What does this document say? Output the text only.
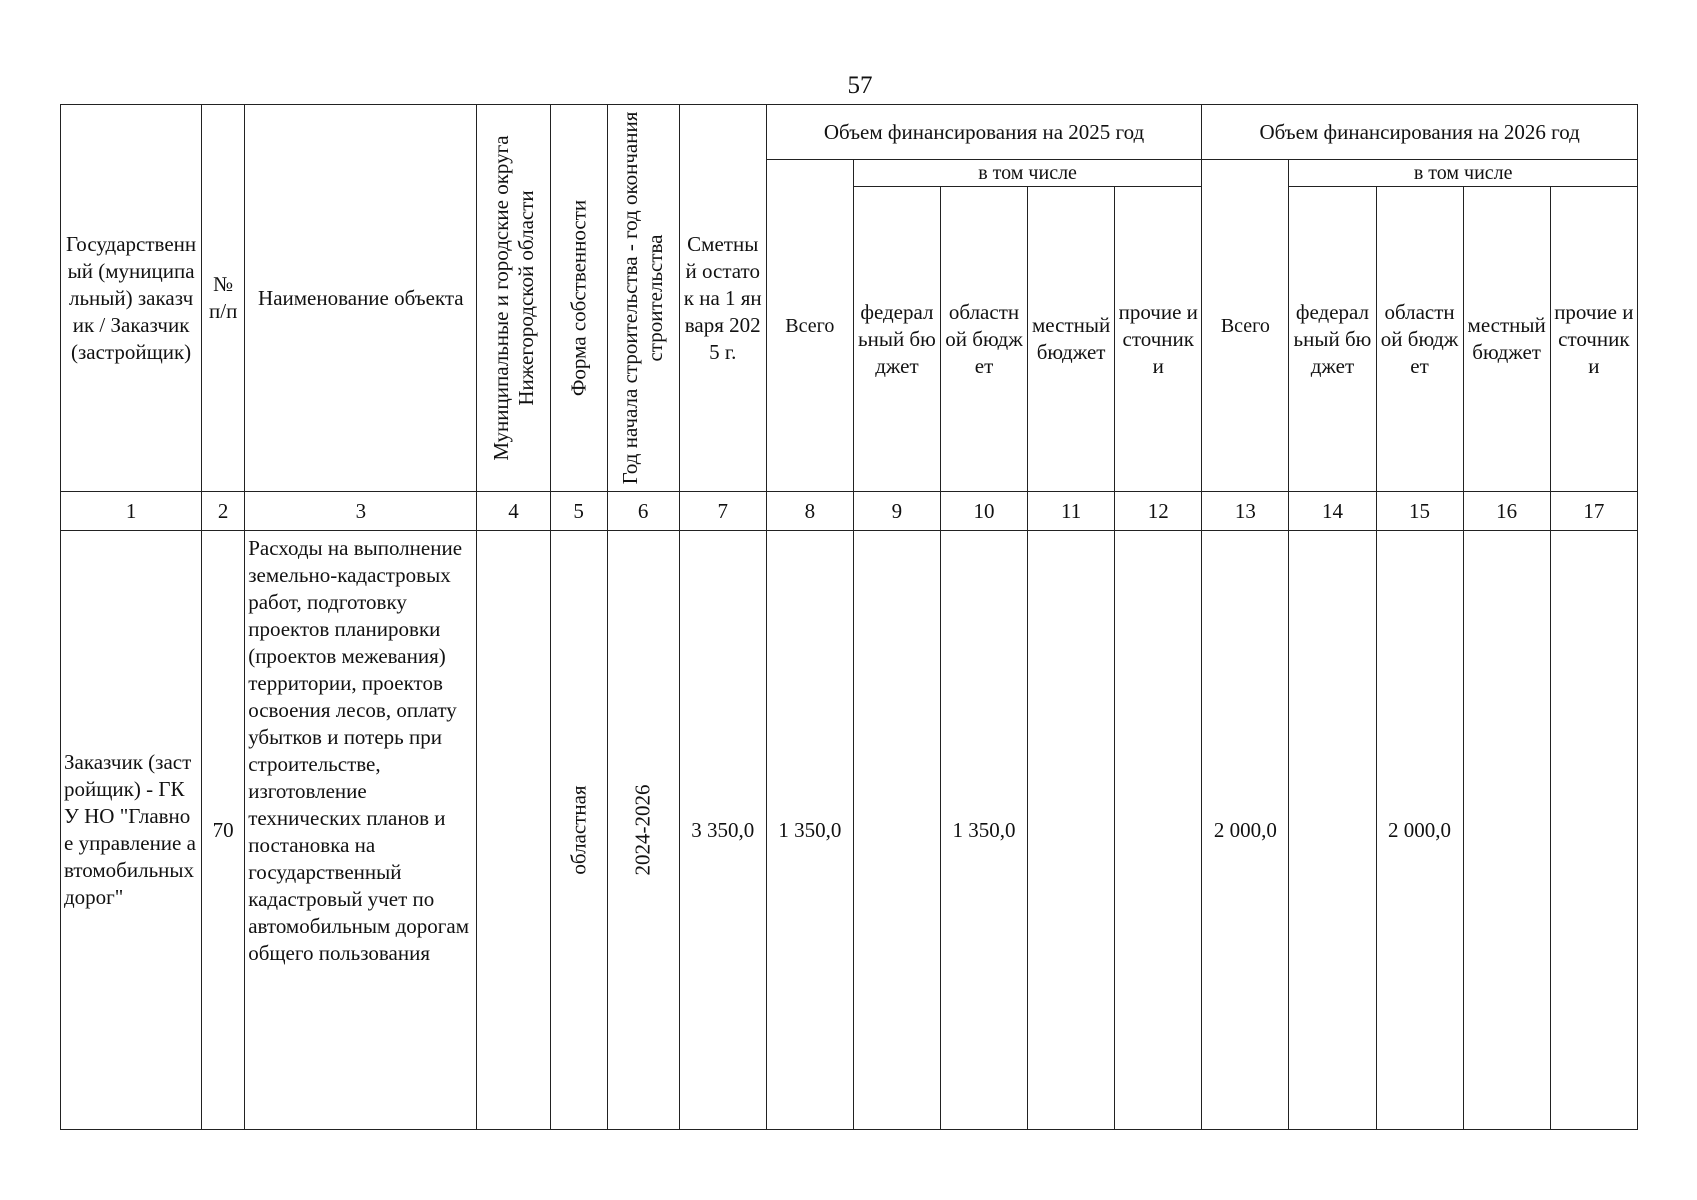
57
Государственный (муниципальный) заказчик / Заказчик (застройщик)	№ п/п	Наименование объекта	Муниципальные и городские округа Нижегородской области	Форма собственности	Год начала строительства - год окончания строительства	Сметный остаток на 1 января 2025 г.	Объем финансирования на 2025 год					Объем финансирования на 2026 год				
							Всего	в том числе				Всего	в том числе			
								федеральный бюджет	областной бюджет	местный бюджет	прочие источники		федеральный бюджет	областной бюджет	местный бюджет	прочие источники
1	2	3	4	5	6	7	8	9	10	11	12	13	14	15	16	17
Заказчик (застройщик) - ГКУ НО "Главное управление автомобильных дорог"	70	Расходы на выполнение земельно-кадастровых работ, подготовку проектов планировки (проектов межевания) территории, проектов освоения лесов, оплату убытков и потерь при строительстве, изготовление технических планов и постановка на государственный кадастровый учет по автомобильным дорогам общего пользования		областная	2024-2026	3 350,0	1 350,0		1 350,0			2 000,0		2 000,0		
